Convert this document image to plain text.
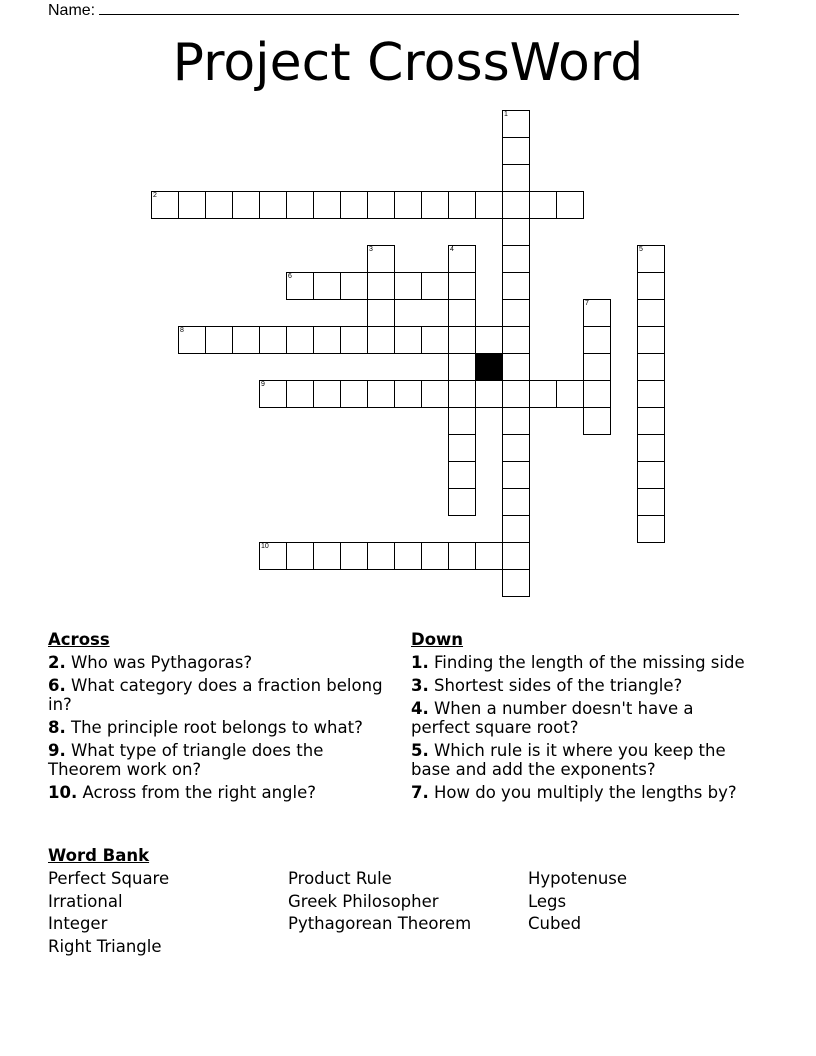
Name:
Project CrossWord
1
2
3	4	5
6
7
8
9
10
Across
2. Who was Pythagoras?
6. What category does a fraction belong in?
8. The principle root belongs to what?
9. What type of triangle does the Theorem work on?
10. Across from the right angle?
Down
1. Finding the length of the missing side
3. Shortest sides of the triangle?
4. When a number doesn't have a perfect square root?
5. Which rule is it where you keep the base and add the exponents?
7. How do you multiply the lengths by?
Word Bank
Perfect Square
Irrational
Integer
Right Triangle
Product Rule
Greek Philosopher
Pythagorean Theorem
Hypotenuse
Legs
Cubed
